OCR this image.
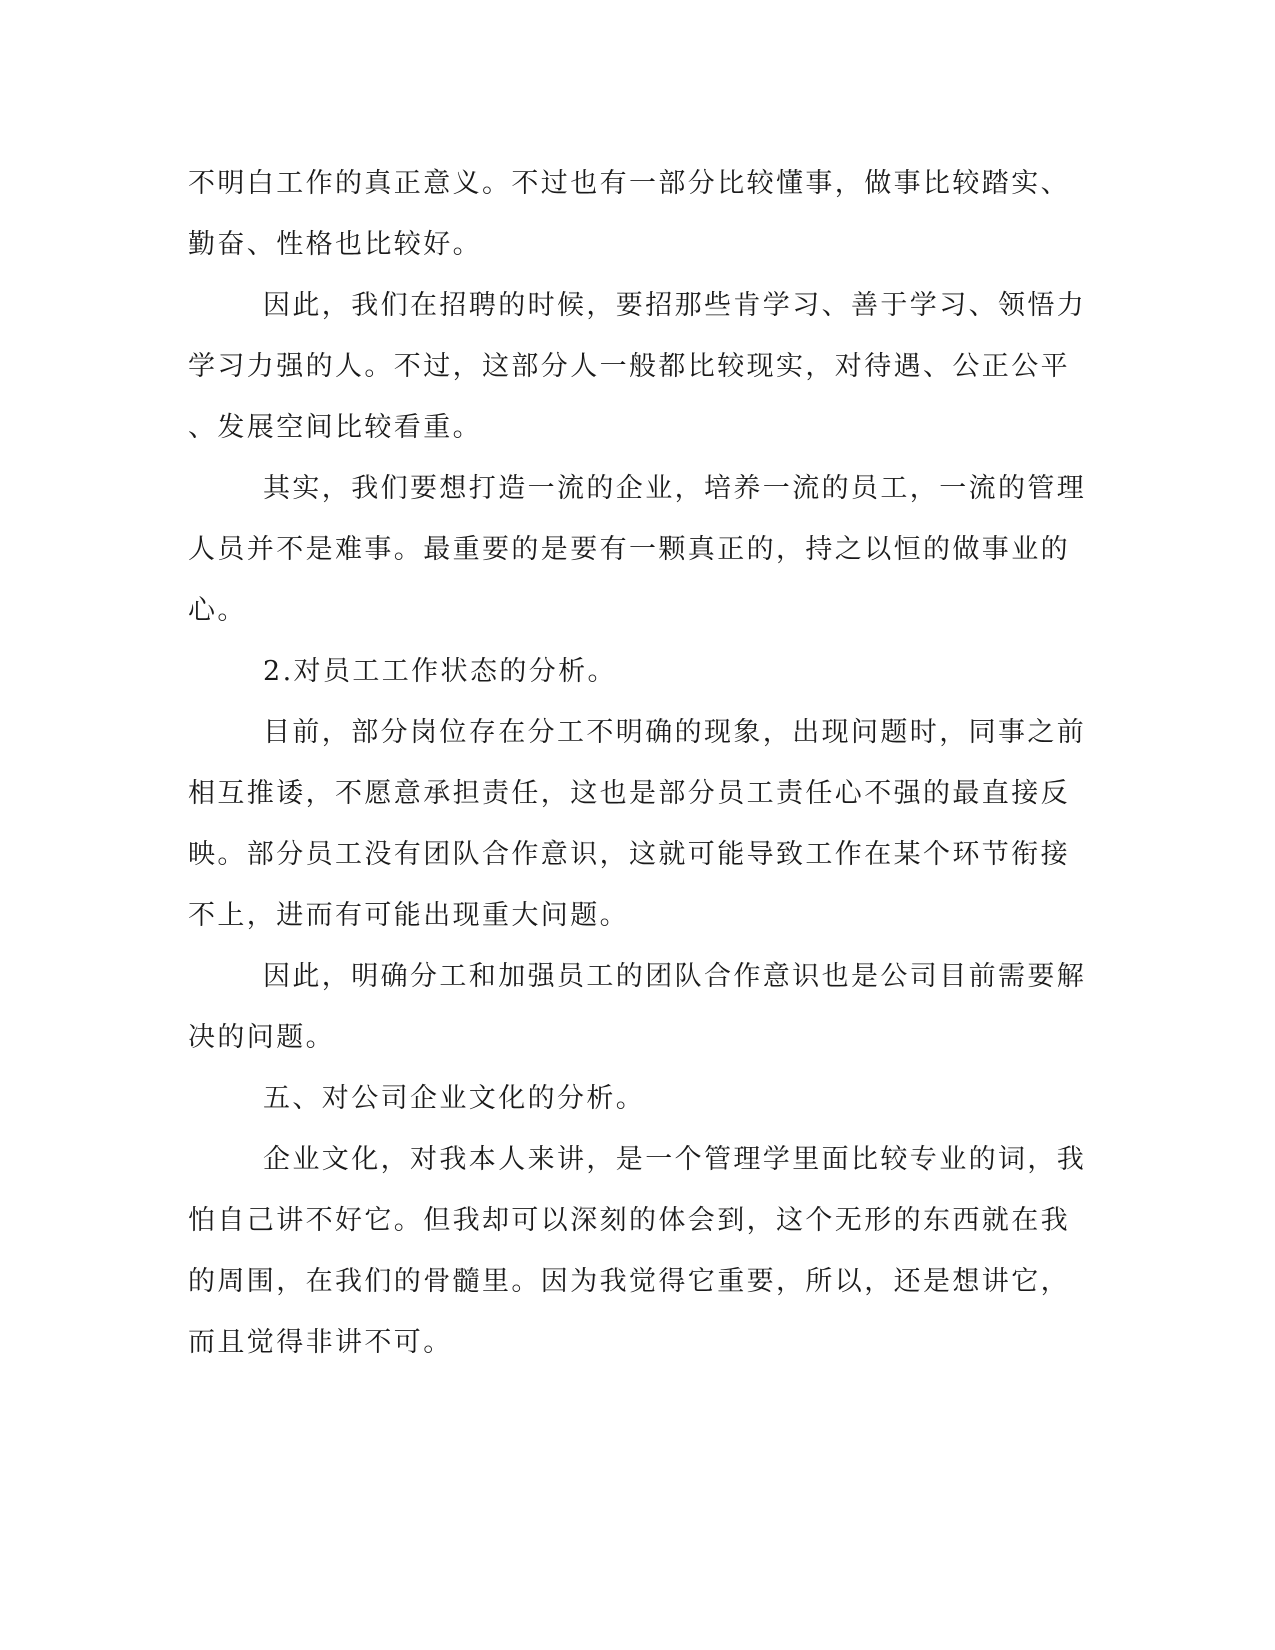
不明白工作的真正意义。不过也有一部分比较懂事，做事比较踏实、
勤奋、性格也比较好。
因此，我们在招聘的时候，要招那些肯学习、善于学习、领悟力
学习力强的人。不过，这部分人一般都比较现实，对待遇、公正公平
、发展空间比较看重。
其实，我们要想打造一流的企业，培养一流的员工，一流的管理
人员并不是难事。最重要的是要有一颗真正的，持之以恒的做事业的
心。
2.对员工工作状态的分析。
目前，部分岗位存在分工不明确的现象，出现问题时，同事之前
相互推诿，不愿意承担责任，这也是部分员工责任心不强的最直接反
映。部分员工没有团队合作意识，这就可能导致工作在某个环节衔接
不上，进而有可能出现重大问题。
因此，明确分工和加强员工的团队合作意识也是公司目前需要解
决的问题。
五、对公司企业文化的分析。
企业文化，对我本人来讲，是一个管理学里面比较专业的词，我
怕自己讲不好它。但我却可以深刻的体会到，这个无形的东西就在我
的周围，在我们的骨髓里。因为我觉得它重要，所以，还是想讲它，
而且觉得非讲不可。
